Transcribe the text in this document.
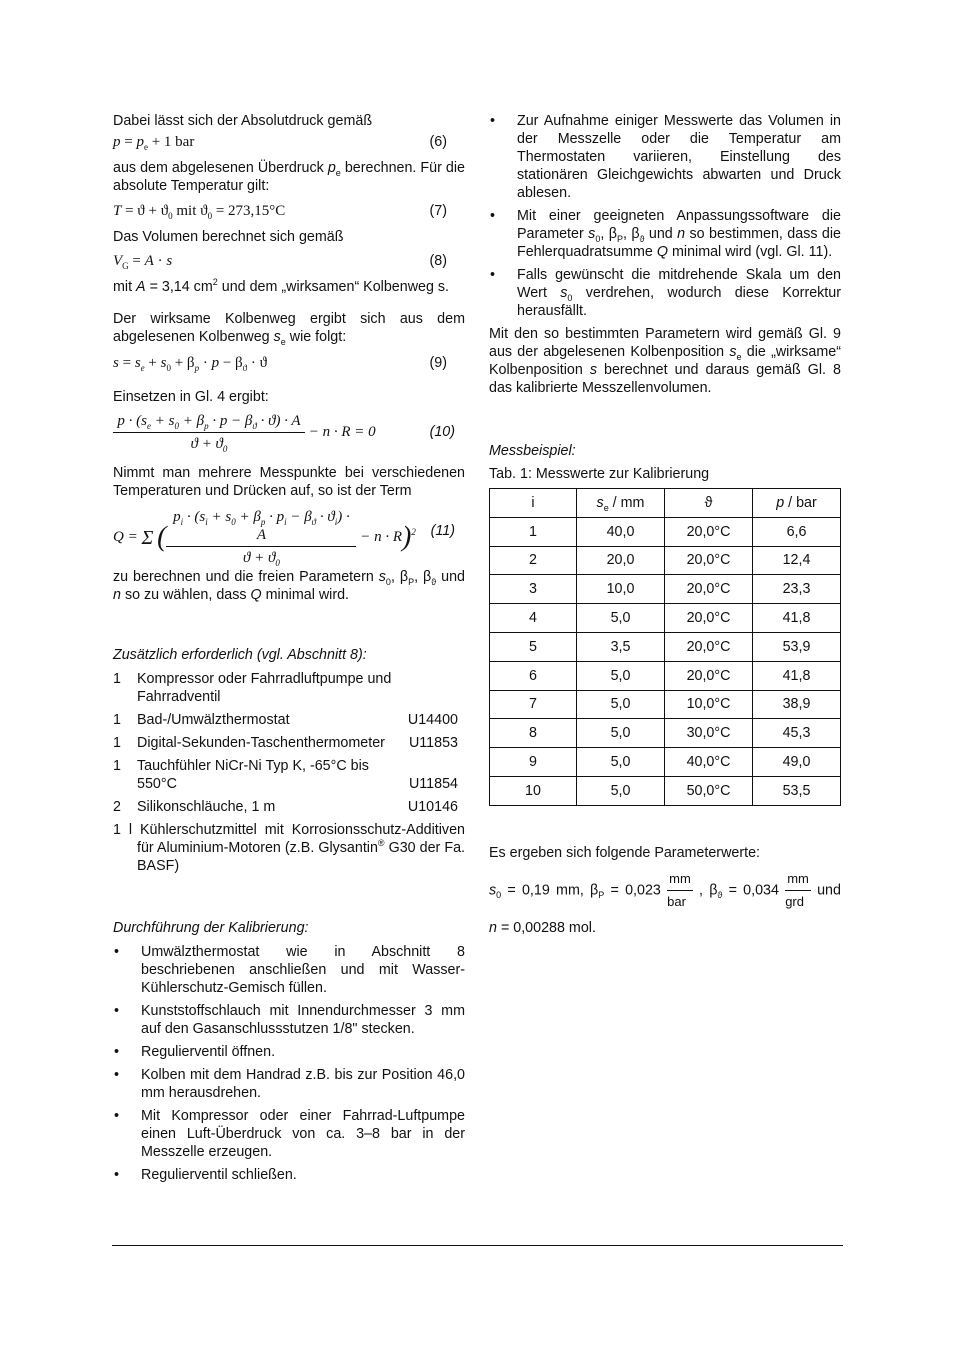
Dabei lässt sich der Absolutdruck gemäß

$p = p_e + 1$ bar	(6)

aus dem abgelesenen Überdruck $p_e$ berechnen. Für die absolute Temperatur gilt:

$T = ϑ + ϑ_0$ mit $ϑ_0 = 273,15^\circ C$	(7)

Das Volumen berechnet sich gemäß

$V_G = A \cdot s$	(8)

mit A = 3,14 $cm^2$ und dem „wirksamen“ Kolbenweg s.

Der wirksame Kolbenweg ergibt sich aus dem abgelesenen Kolbenweg $s_e$ wie folgt:

$s = s_e + s_0 + \beta_p \cdot p - \beta_ϑ \cdot ϑ$	(9)

Einsetzen in Gl. 4 ergibt:

$\frac{p \cdot (s_e + s_0 + \beta_p \cdot p - \beta_ϑ \cdot ϑ) \cdot A}{ϑ + ϑ_0} - n \cdot R = 0$	(10)

Nimmt man mehrere Messpunkte bei verschiedenen Temperaturen und Drücken auf, so ist der Term

Q = Σ ( $\frac{p_i \cdot (s_i + s_0 + \beta_p \cdot p_i - \beta_ϑ \cdot ϑ_i) \cdot A}{ϑ + ϑ_0} - n \cdot R)^2$ (11)

zu berechnen und die freien Parametern $s_0$, $\beta_P$, $\beta_ϑ$ und n so zu wählen, dass Q minimal wird.

Zusätzlich erforderlich (vgl. Abschnitt 8):

1 Kompressor oder Fahrradluftpumpe und Fahrradventil
1 Bad-/Umwälzthermostat	U14400
1 Digital-Sekunden-Taschenthermometer U11853
1 Tauchfühler NiCr-Ni Typ K, -65°C bis 550°C	U11854
2 Silikonschläuche, 1 m	U10146

1 l Kühlerschutzmittel mit Korrosionsschutz-Additiven für Aluminium-Motoren (z.B. Glysantin® G30 der Fa. BASF)

Durchführung der Kalibrierung:

• Umwälzthermostat wie in Abschnitt 8 beschriebenen anschließen und mit Wasser-Kühlerschutz-Gemisch füllen.
• Kunststoffschlauch mit Innendurchmesser 3 mm auf den Gasanschlussstutzen 1/8" stecken.
• Regulierventil öffnen.
• Kolben mit dem Handrad z.B. bis zur Position 46,0 mm herausdrehen.
• Mit Kompressor oder einer Fahrrad-Luftpumpe einen Luft-Überdruck von ca. 3–8 bar in der Messzelle erzeugen.
• Regulierventil schließen.
• Zur Aufnahme einiger Messwerte das Volumen in der Messzelle oder die Temperatur am Thermostaten variieren, Einstellung des stationären Gleichgewichts abwarten und Druck ablesen.
• Mit einer geeigneten Anpassungssoftware die Parameter $s_0$, $\beta_P$, $\beta_ϑ$ und n so bestimmen, dass die Fehlerquadratsumme Q minimal wird (vgl. Gl. 11).
• Falls gewünscht die mitdrehende Skala um den Wert $s_0$ verdrehen, wodurch diese Korrektur herausfällt.

Mit den so bestimmten Parametern wird gemäß Gl. 9 aus der abgelesenen Kolbenposition $s_e$ die „wirksame“ Kolbenposition s berechnet und daraus gemäß Gl. 8 das kalibrierte Messzellenvolumen.

Messbeispiel:

Tab. 1: Messwerte zur Kalibrierung

i	$s_e$ / mm	ϑ	p / bar
1	40,0	20,0°C	6,6
2	20,0	20,0°C	12,4
3	10,0	20,0°C	23,3
4	5,0	20,0°C	41,8
5	3,5	20,0°C	53,9
6	5,0	20,0°C	41,8
7	5,0	10,0°C	38,9
8	5,0	30,0°C	45,3
9	5,0	40,0°C	49,0
10	5,0	50,0°C	53,5

Es ergeben sich folgende Parameterwerte:

$s_0 = 0,19$ mm, $\beta_P = 0,023 \frac{mm}{\text{bar}}$ , $\beta_ϑ = 0,034 \frac{mm}{\text{grd}}$ und

n = 0,00288 mol.
